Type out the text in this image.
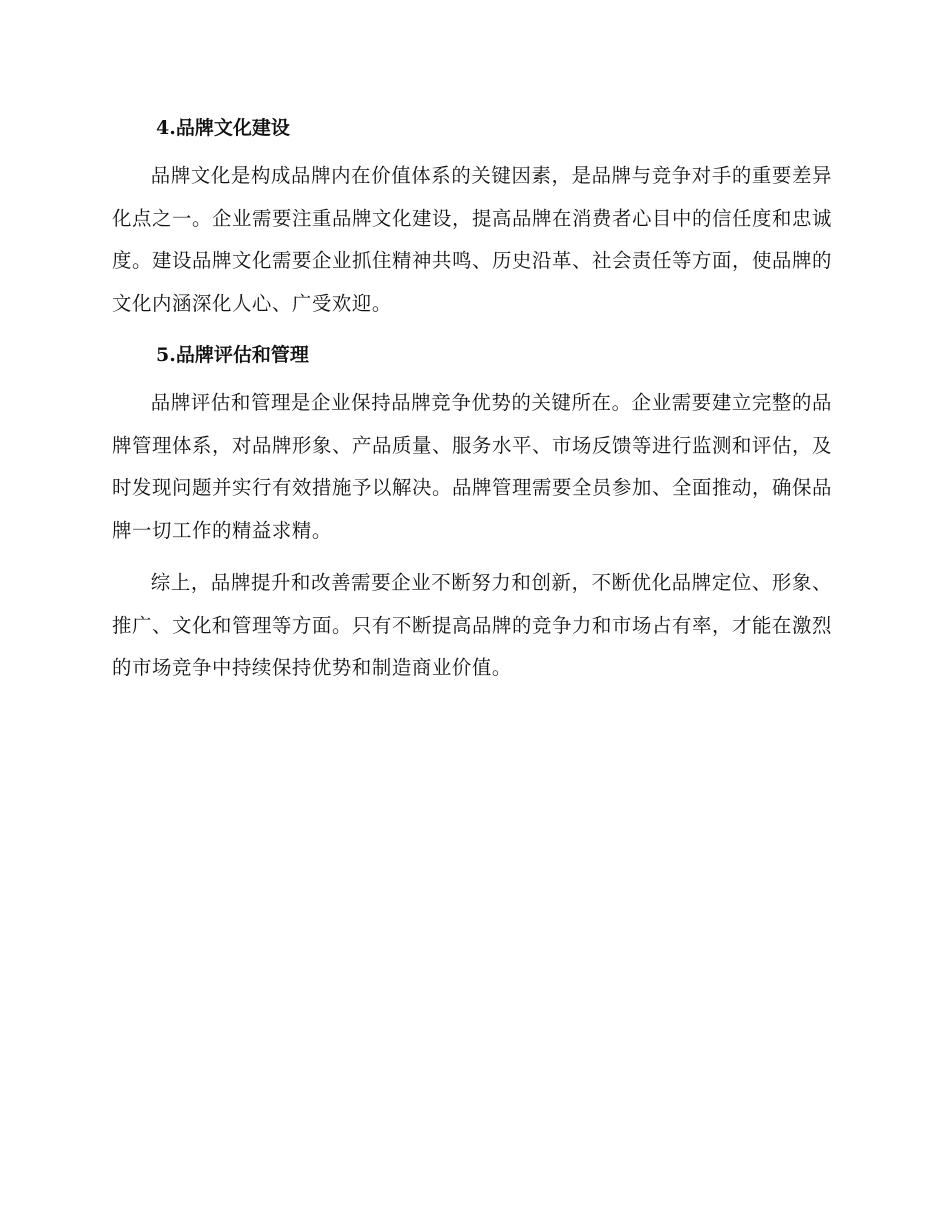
4.品牌文化建设

品牌文化是构成品牌内在价值体系的关键因素，是品牌与竞争对手的重要差异化点之一。企业需要注重品牌文化建设，提高品牌在消费者心目中的信任度和忠诚度。建设品牌文化需要企业抓住精神共鸣、历史沿革、社会责任等方面，使品牌的文化内涵深化人心、广受欢迎。

5.品牌评估和管理

品牌评估和管理是企业保持品牌竞争优势的关键所在。企业需要建立完整的品牌管理体系，对品牌形象、产品质量、服务水平、市场反馈等进行监测和评估，及时发现问题并实行有效措施予以解决。品牌管理需要全员参加、全面推动，确保品牌一切工作的精益求精。

综上，品牌提升和改善需要企业不断努力和创新，不断优化品牌定位、形象、推广、文化和管理等方面。只有不断提高品牌的竞争力和市场占有率，才能在激烈的市场竞争中持续保持优势和制造商业价值。
